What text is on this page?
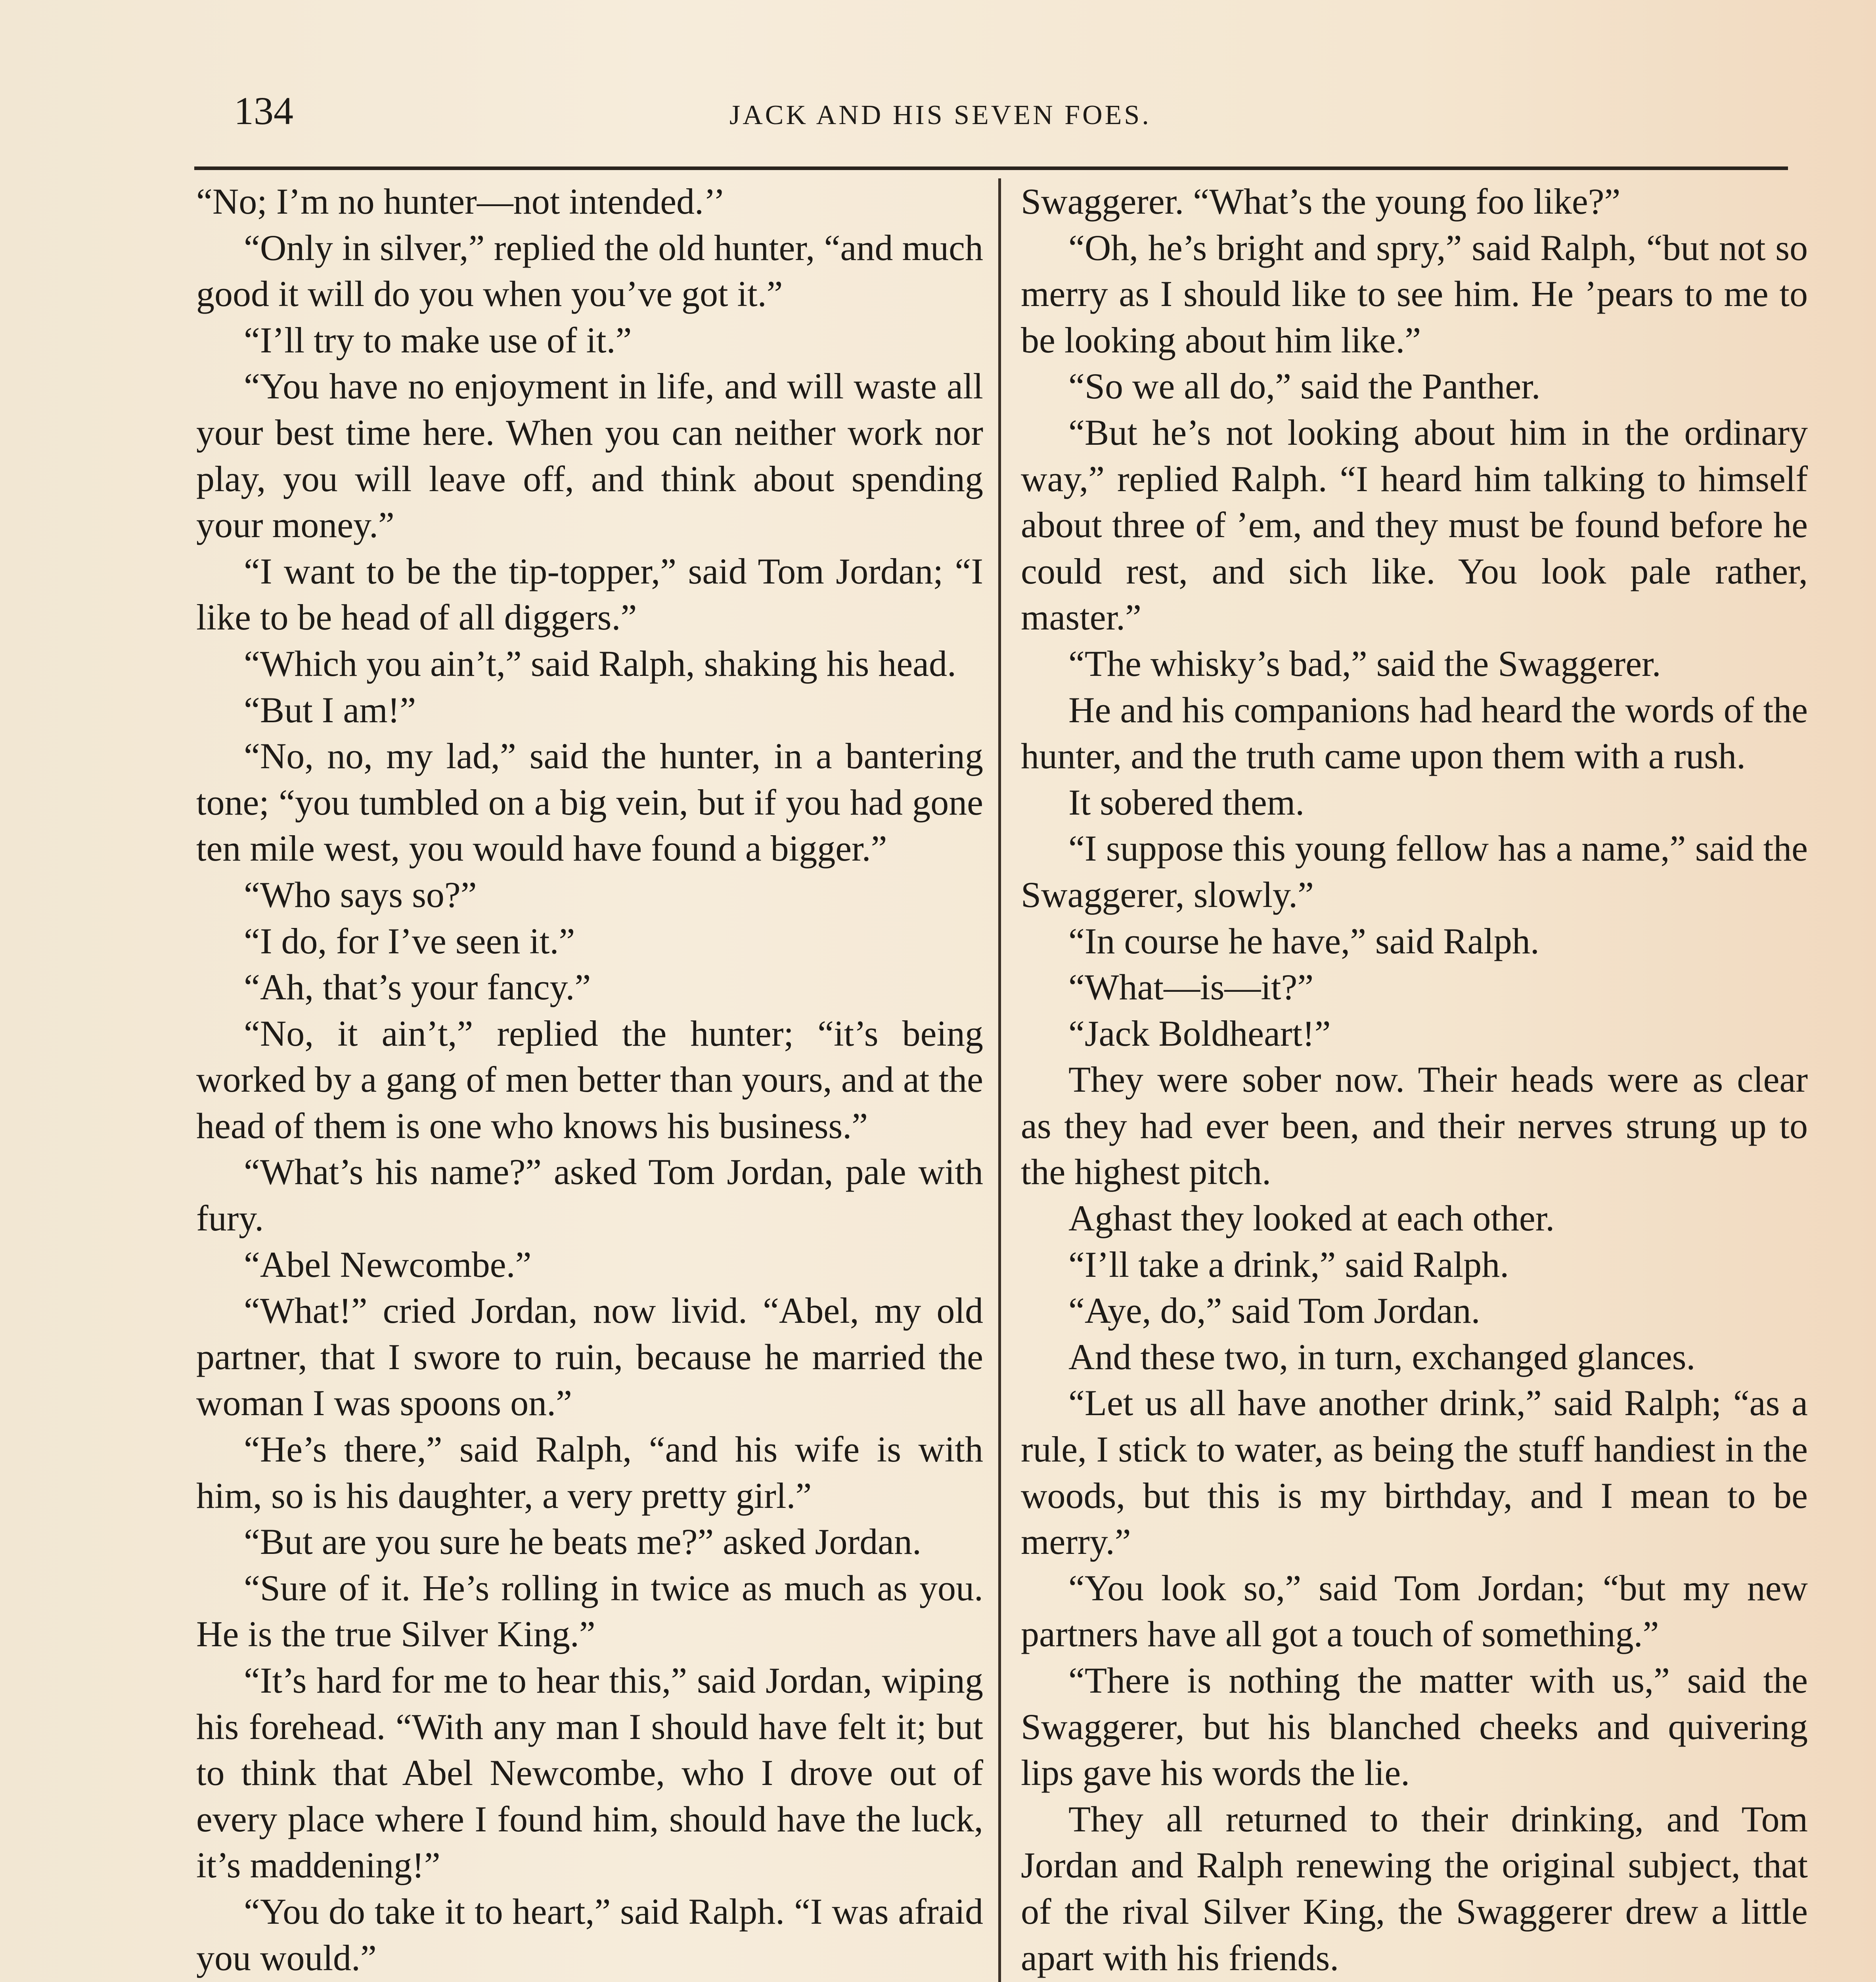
134	JACK AND HIS SEVEN FOES.

“No; I’m no hunter—not intended.’’

“Only in silver,” replied the old hunter, “and much good it will do you when you’ve got it.”

“I’ll try to make use of it.”

“You have no enjoyment in life, and will waste all your best time here. When you can neither work nor play, you will leave off, and think about spending your money.”

“I want to be the tip-topper,” said Tom Jordan; “I like to be head of all diggers.”

“Which you ain’t,” said Ralph, shaking his head.

“But I am!”

“No, no, my lad,” said the hunter, in a bantering tone; “you tumbled on a big vein, but if you had gone ten mile west, you would have found a bigger.”

“Who says so?”

“I do, for I’ve seen it.”

“Ah, that’s your fancy.”

“No, it ain’t,” replied the hunter; “it’s being worked by a gang of men better than yours, and at the head of them is one who knows his business.”

“What’s his name?” asked Tom Jordan, pale with fury.

“Abel Newcombe.”

“What!” cried Jordan, now livid. “Abel, my old partner, that I swore to ruin, because he married the woman I was spoons on.”

“He’s there,” said Ralph, “and his wife is with him, so is his daughter, a very pretty girl.”

“But are you sure he beats me?” asked Jordan.

“Sure of it. He’s rolling in twice as much as you. He is the true Silver King.”

“It’s hard for me to hear this,” said Jordan, wiping his forehead. “With any man I should have felt it; but to think that Abel Newcombe, who I drove out of every place where I found him, should have the luck, it’s maddening!”

“You do take it to heart,” said Ralph. “I was afraid you would.”

Swaggerer. “What’s the young foo like?”

“Oh, he’s bright and spry,” said Ralph, “but not so merry as I should like to see him. He ’pears to me to be looking about him like.”

“So we all do,” said the Panther.

“But he’s not looking about him in the ordinary way,” replied Ralph. “I heard him talking to himself about three of ’em, and they must be found before he could rest, and sich like. You look pale rather, master.”

“The whisky’s bad,” said the Swaggerer.

He and his companions had heard the words of the hunter, and the truth came upon them with a rush.

It sobered them.

“I suppose this young fellow has a name,” said the Swaggerer, slowly.”

“In course he have,” said Ralph.

“What—is—it?”

“Jack Boldheart!”

They were sober now. Their heads were as clear as they had ever been, and their nerves strung up to the highest pitch.

Aghast they looked at each other.

“I’ll take a drink,” said Ralph.

“Aye, do,” said Tom Jordan.

And these two, in turn, exchanged glances.

“Let us all have another drink,” said Ralph; “as a rule, I stick to water, as being the stuff handiest in the woods, but this is my birthday, and I mean to be merry.”

“You look so,” said Tom Jordan; “but my new partners have all got a touch of something.”

“There is nothing the matter with us,” said the Swaggerer, but his blanched cheeks and quivering lips gave his words the lie.

They all returned to their drinking, and Tom Jordan and Ralph renewing the original subject, that of the rival Silver King, the Swaggerer drew a little apart with his friends.
